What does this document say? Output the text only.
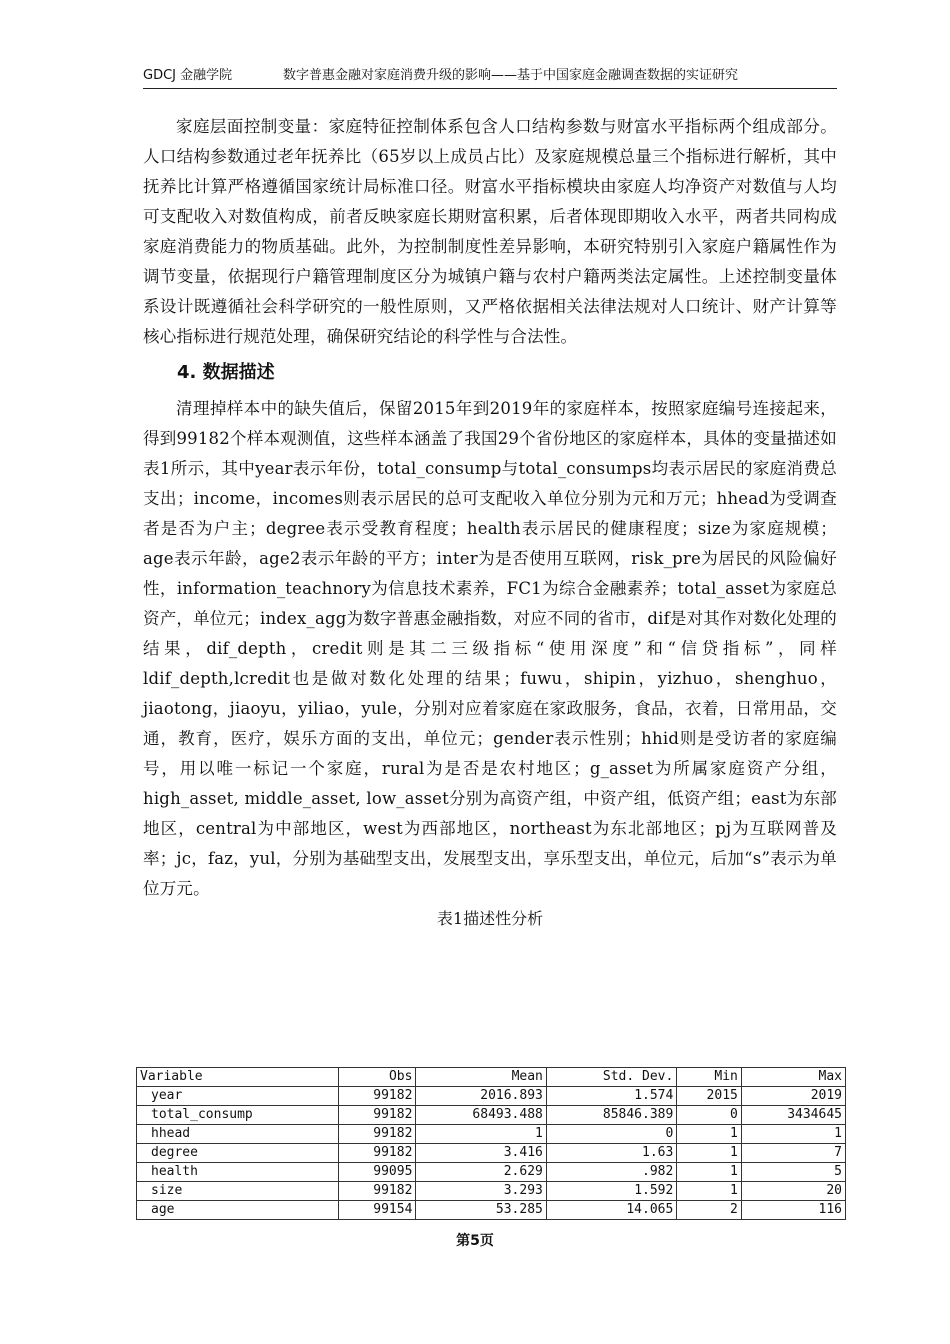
GDCJ 金融学院	数字普惠金融对家庭消费升级的影响——基于中国家庭金融调查数据的实证研究

家庭层面控制变量：家庭特征控制体系包含人口结构参数与财富水平指标两个组成部分。人口结构参数通过老年抚养比（65岁以上成员占比）及家庭规模总量三个指标进行解析，其中抚养比计算严格遵循国家统计局标准口径。财富水平指标模块由家庭人均净资产对数值与人均可支配收入对数值构成，前者反映家庭长期财富积累，后者体现即期收入水平，两者共同构成家庭消费能力的物质基础。此外，为控制制度性差异影响，本研究特别引入家庭户籍属性作为调节变量，依据现行户籍管理制度区分为城镇户籍与农村户籍两类法定属性。上述控制变量体系设计既遵循社会科学研究的一般性原则，又严格依据相关法律法规对人口统计、财产计算等核心指标进行规范处理，确保研究结论的科学性与合法性。

4. 数据描述

清理掉样本中的缺失值后，保留2015年到2019年的家庭样本，按照家庭编号连接起来，得到99182个样本观测值，这些样本涵盖了我国29个省份地区的家庭样本，具体的变量描述如表1所示，其中year表示年份，total_consump与total_consumps均表示居民的家庭消费总支出；income，incomes则表示居民的总可支配收入单位分别为元和万元；hhead为受调查者是否为户主；degree表示受教育程度；health表示居民的健康程度；size为家庭规模；age表示年龄，age2表示年龄的平方；inter为是否使用互联网，risk_pre为居民的风险偏好性，information_teachnory为信息技术素养，FC1为综合金融素养；total_asset为家庭总资产，单位元；index_agg为数字普惠金融指数，对应不同的省市，dif是对其作对数化处理的结果，dif_depth，credit则是其二三级指标“使用深度”和“信贷指标”，同样ldif_depth,lcredit也是做对数化处理的结果；fuwu，shipin，yizhuo，shenghuo，jiaotong，jiaoyu，yiliao，yule，分别对应着家庭在家政服务，食品，衣着，日常用品，交通，教育，医疗，娱乐方面的支出，单位元；gender表示性别；hhid则是受访者的家庭编号，用以唯一标记一个家庭，rural为是否是农村地区；g_asset为所属家庭资产分组，high_asset, middle_asset, low_asset分别为高资产组，中资产组，低资产组；east为东部地区，central为中部地区，west为西部地区，northeast为东北部地区；pj为互联网普及率；jc，faz，yul，分别为基础型支出，发展型支出，享乐型支出，单位元，后加“s”表示为单位万元。

表1描述性分析
Variable	Obs	Mean	Std. Dev.	Min	Max
year	99182	2016.893	1.574	2015	2019
total_consump	99182	68493.488	85846.389	0	3434645
hhead	99182	1	0	1	1
degree	99182	3.416	1.63	1	7
health	99095	2.629	.982	1	5
size	99182	3.293	1.592	1	20
age	99154	53.285	14.065	2	116
第5页
